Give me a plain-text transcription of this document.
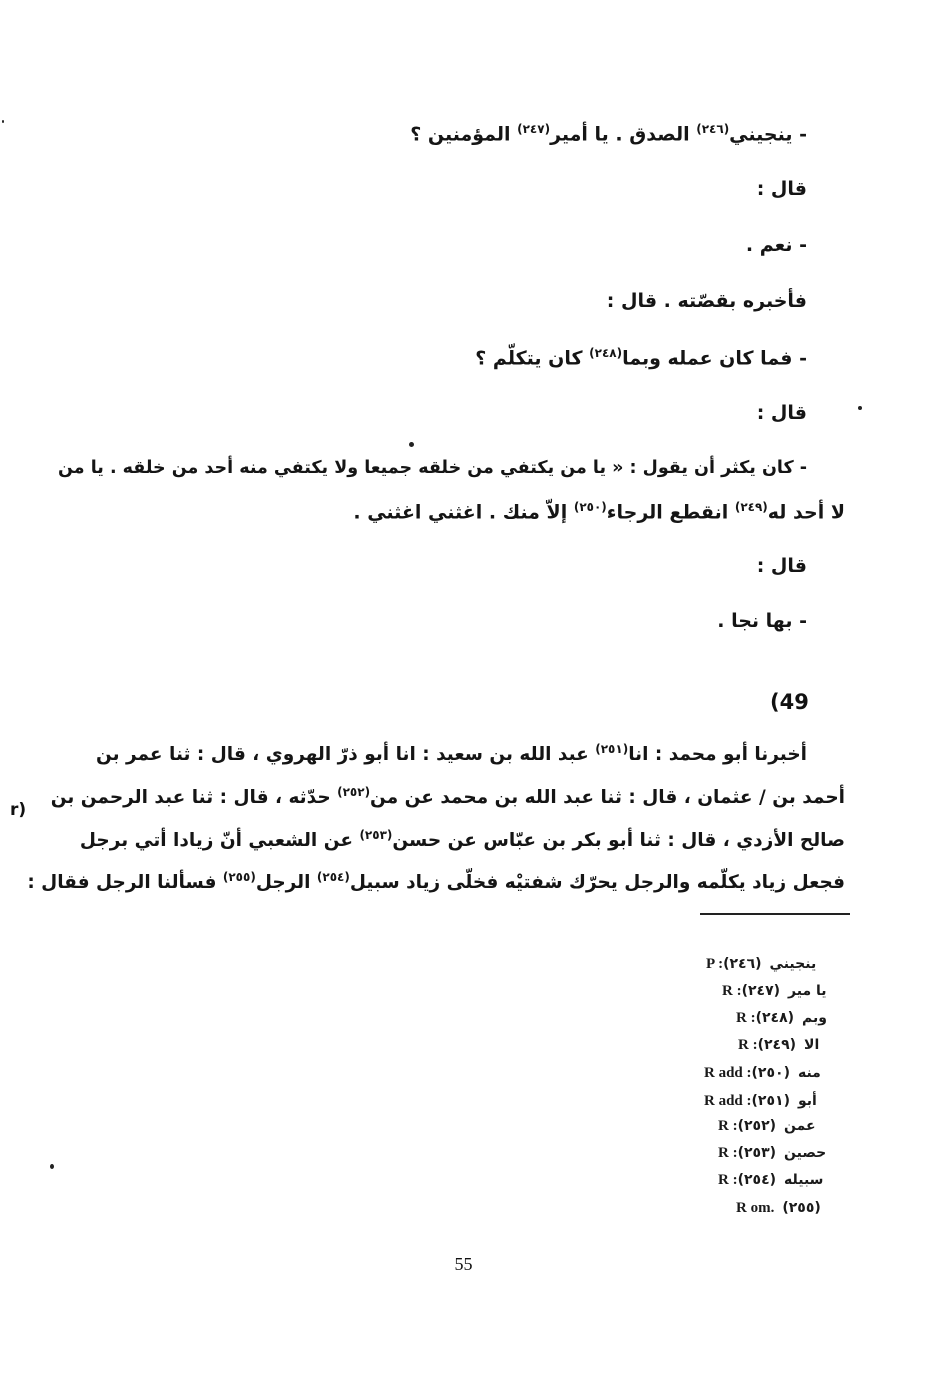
- ينجيني$^{(٢٤٦)}$ الصدق . يا أمير$^{(٢٤٧)}$ المؤمنين ؟
قال :
- نعم .
فأخبره بقصّته . قال :
- فما كان عمله وبما$^{(٢٤٨)}$ كان يتكلّم ؟
قال :
- كان يكثر أن يقول : « يا من يكتفي من خلقه جميعا ولا يكتفي منه أحد من خلقه . يا من
لا أحد له$^{(٢٤٩)}$ انقطع الرجاء$^{(٢٥٠)}$ إلاّ منك . اغثني اغثني .
قال :
- بها نجا .
(49
r)
أخبرنا أبو محمد : انا$^{(٢٥١)}$ عبد الله بن سعيد : انا أبو ذرّ الهروي ، قال : ثنا عمر بن
أحمد بن / عثمان ، قال : ثنا عبد الله بن محمد عن من$^{(٢٥٢)}$ حدّثه ، قال : ثنا عبد الرحمن بن
صالح الأزدي ، قال : ثنا أبو بكر بن عبّاس عن حسن$^{(٢٥٣)}$ عن الشعبي أنّ زيادا أتي برجل
فجعل زياد يكلّمه والرجل يحرّك شفتيْه فخلّى زياد سبيل$^{(٢٥٤)}$ الرجل$^{(٢٥٥)}$ فسألنا الرجل فقال :
P :	ينجيني(٢٤٦)
R :	يا مير(٢٤٧)
R :	وبم(٢٤٨)
R :	الا(٢٤٩)
R add :	منه(٢٥٠)
R add :	أبو(٢٥١)
R :	عمن(٢٥٢)
R :	حصين(٢٥٣)
R :	سبيله(٢٥٤)
R om. (٢٥٥)
55
